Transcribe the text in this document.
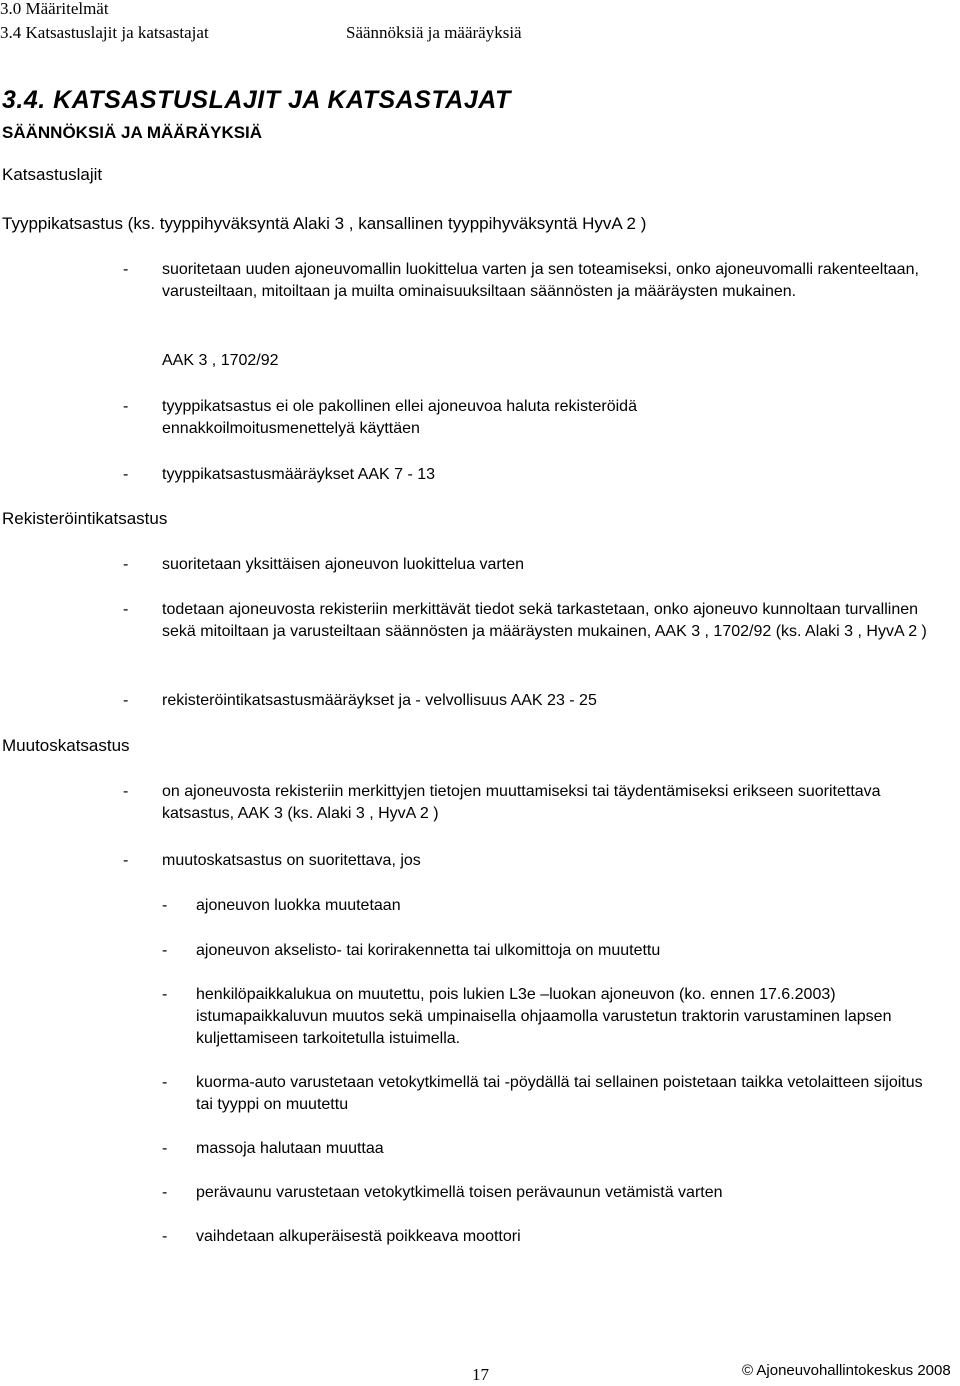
3.0 Määritelmät
3.4 Katsastuslajit ja katsastajat	Säännöksiä ja määräyksiä
3.4. KATSASTUSLAJIT JA KATSASTAJAT
SÄÄNNÖKSIÄ JA MÄÄRÄYKSIÄ
Katsastuslajit
Tyyppikatsastus (ks. tyyppihyväksyntä Alaki 3 , kansallinen tyyppihyväksyntä HyvA 2 )
-	suoritetaan uuden ajoneuvomallin luokittelua varten ja sen toteamiseksi, onko ajoneuvomalli rakenteeltaan, varusteiltaan, mitoiltaan ja muilta ominaisuuksiltaan säännösten ja määräysten mukainen.
AAK 3 , 1702/92
-	tyyppikatsastus ei ole pakollinen ellei ajoneuvoa haluta rekisteröidä ennakkoilmoitusmenettelyä käyttäen
-	tyyppikatsastusmääräykset AAK 7 - 13
Rekisteröintikatsastus
-	suoritetaan yksittäisen ajoneuvon luokittelua varten
-	todetaan ajoneuvosta rekisteriin merkittävät tiedot sekä tarkastetaan, onko ajoneuvo kunnoltaan turvallinen sekä mitoiltaan ja varusteiltaan säännösten ja määräysten mukainen, AAK 3 , 1702/92 (ks. Alaki 3 , HyvA 2 )
-	rekisteröintikatsastusmääräykset ja - velvollisuus AAK 23 - 25
Muutoskatsastus
-	on ajoneuvosta rekisteriin merkittyjen tietojen muuttamiseksi tai täydentämiseksi erikseen suoritettava katsastus, AAK 3 (ks. Alaki 3 , HyvA 2 )
-	muutoskatsastus on suoritettava, jos
-	ajoneuvon luokka muutetaan
-	ajoneuvon akselisto- tai korirakennetta tai ulkomittoja on muutettu
-	henkilöpaikkalukua on muutettu, pois lukien L3e –luokan ajoneuvon (ko. ennen 17.6.2003) istumapaikkaluvun muutos sekä umpinaisella ohjaamolla varustetun traktorin varustaminen lapsen kuljettamiseen tarkoitetulla istuimella.
-	kuorma-auto varustetaan vetokytkimellä tai -pöydällä tai sellainen poistetaan taikka vetolaitteen sijoitus tai tyyppi on muutettu
-	massoja halutaan muuttaa
-	perävaunu varustetaan vetokytkimellä toisen perävaunun vetämistä varten
-	vaihdetaan alkuperäisestä poikkeava moottori
17	© Ajoneuvohallintokeskus 2008
